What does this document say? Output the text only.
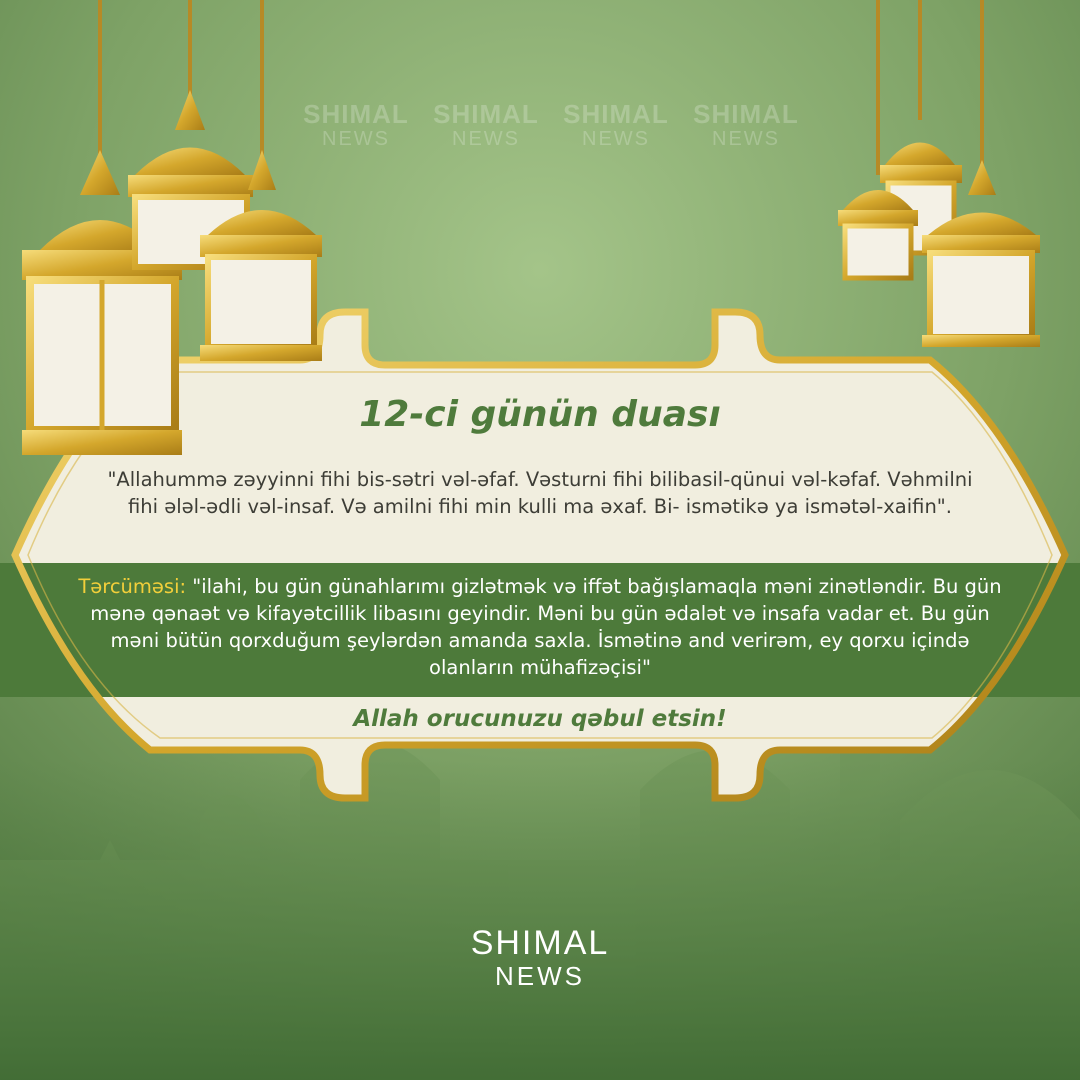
SHIMAL
NEWS
SHIMAL
NEWS
SHIMAL
NEWS
SHIMAL
NEWS
12-ci günün duası
"Allahummə zəyyinni fihi bis-sətri vəl-əfaf. Vəsturni fihi bilibasil-qünui vəl-kəfaf. Vəhmilni fihi ələl-ədli vəl-insaf. Və amilni fihi min kulli ma əxaf. Bi- ismətikə ya ismətəl-xaifin".
Tərcüməsi: "ilahi, bu gün günahlarımı gizlətmək və iffət bağışlamaqla məni zinətləndir. Bu gün mənə qənaət və kifayətcillik libasını geyindir. Məni bu gün ədalət və insafa vadar et. Bu gün məni bütün qorxduğum şeylərdən amanda saxla. İsmətinə and verirəm, ey qorxu içində olanların mühafizəçisi"
Allah orucunuzu qəbul etsin!
SHIMAL
NEWS
